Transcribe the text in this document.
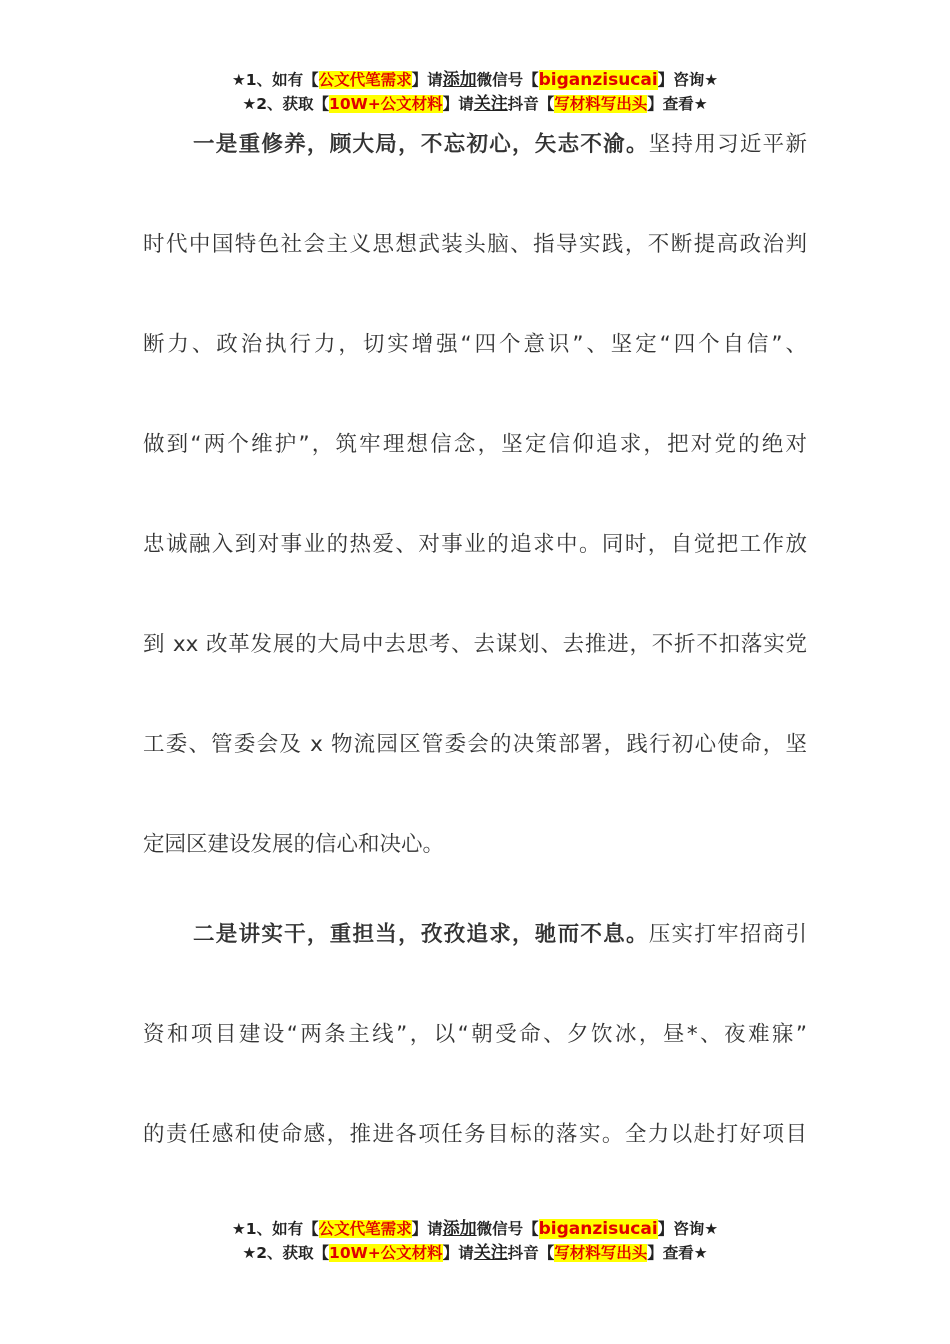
★1、如有【公文代笔需求】请添加微信号【biganzisucai】咨询★
★2、获取【10W+公文材料】请关注抖音【写材料写出头】查看★
一是重修养，顾大局，不忘初心，矢志不渝。坚持用习近平新
时代中国特色社会主义思想武装头脑、指导实践，不断提高政治判
断力、政治执行力，切实增强“四个意识”、坚定“四个自信”、
做到“两个维护”，筑牢理想信念，坚定信仰追求，把对党的绝对
忠诚融入到对事业的热爱、对事业的追求中。同时，自觉把工作放
到 xx 改革发展的大局中去思考、去谋划、去推进，不折不扣落实党
工委、管委会及 x 物流园区管委会的决策部署，践行初心使命，坚
定园区建设发展的信心和决心。
二是讲实干，重担当，孜孜追求，驰而不息。压实打牢招商引
资和项目建设“两条主线”，以“朝受命、夕饮冰，昼*、夜难寐”
的责任感和使命感，推进各项任务目标的落实。全力以赴打好项目
★1、如有【公文代笔需求】请添加微信号【biganzisucai】咨询★
★2、获取【10W+公文材料】请关注抖音【写材料写出头】查看★
